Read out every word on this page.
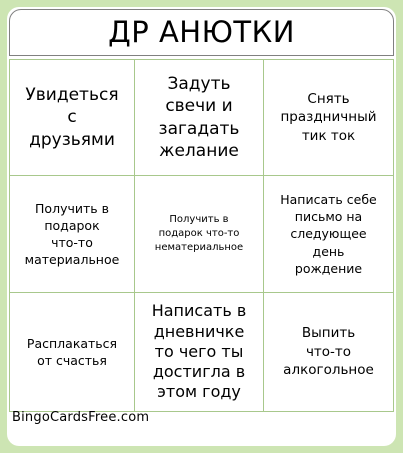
ДР АНЮТКИ
Увидеться
с
друзьями
Задуть
свечи и
загадать
желание
Снять
праздничный
тик ток
Получить в
подарок
что-то
материальное
Получить в
подарок что-то
нематериальное
Написать себе
письмо на
следующее
день
рождение
Расплакаться
от счастья
Написать в
дневничке
то чего ты
достигла в
этом году
Выпить
что-то
алкогольное
BingoCardsFree.com
